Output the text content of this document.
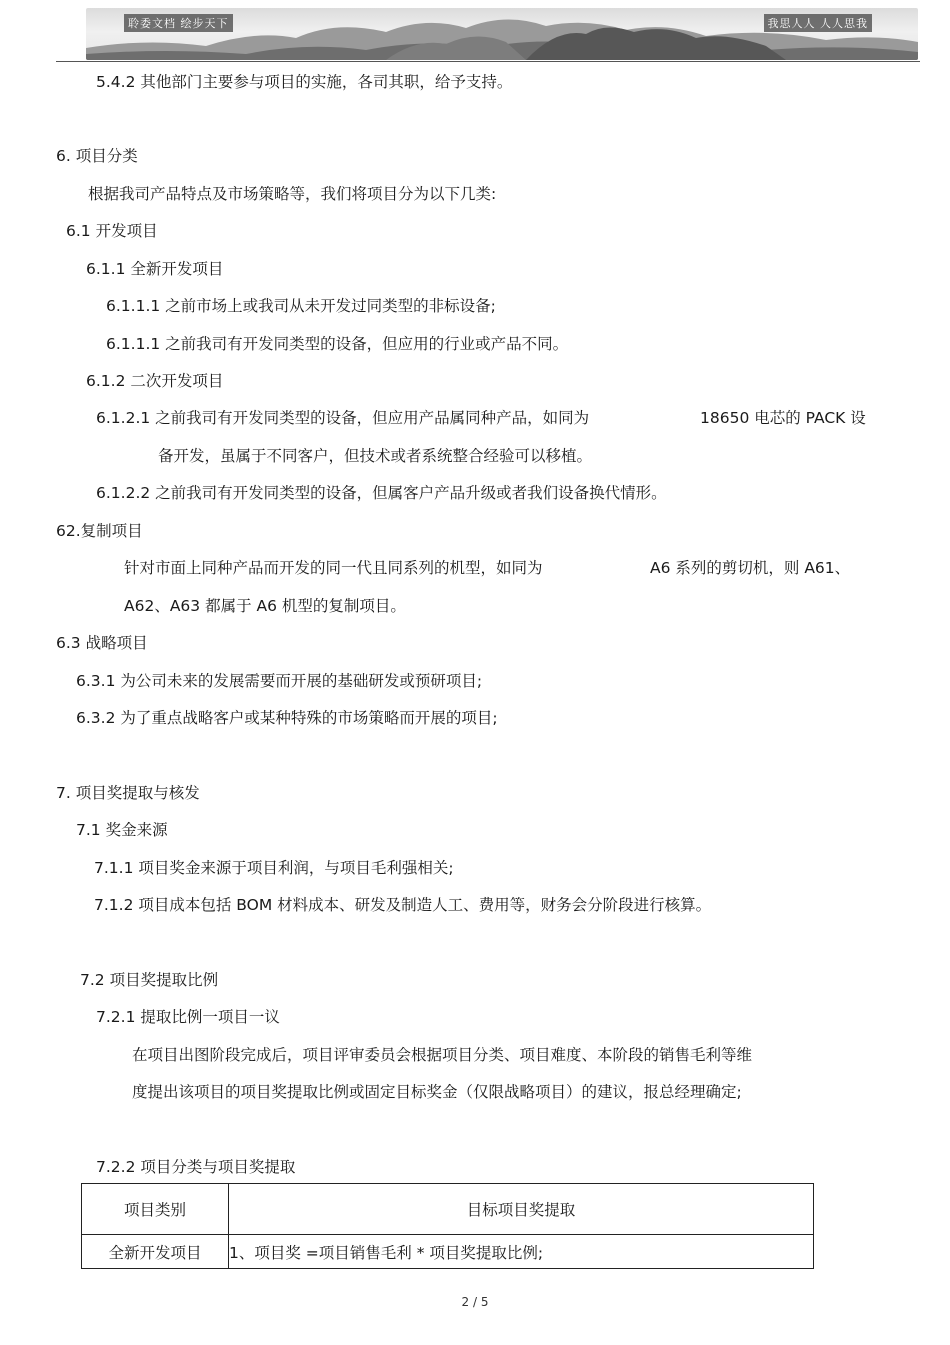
聆委文档 绘步天下	我思人人 人人思我
5.4.2 其他部门主要参与项目的实施，各司其职，给予支持。
6. 项目分类
根据我司产品特点及市场策略等，我们将项目分为以下几类:
6.1 开发项目
6.1.1 全新开发项目
6.1.1.1 之前市场上或我司从未开发过同类型的非标设备;
6.1.1.1 之前我司有开发同类型的设备，但应用的行业或产品不同。
6.1.2 二次开发项目
6.1.2.1 之前我司有开发同类型的设备，但应用产品属同种产品，如同为	18650 电芯的 PACK 设
备开发，虽属于不同客户，但技术或者系统整合经验可以移植。
6.1.2.2 之前我司有开发同类型的设备，但属客户产品升级或者我们设备换代情形。
62.复制项目
针对市面上同种产品而开发的同一代且同系列的机型，如同为	A6 系列的剪切机，则 A61、
A62、A63 都属于 A6 机型的复制项目。
6.3 战略项目
6.3.1 为公司未来的发展需要而开展的基础研发或预研项目;
6.3.2 为了重点战略客户或某种特殊的市场策略而开展的项目;
7. 项目奖提取与核发
7.1 奖金来源
7.1.1 项目奖金来源于项目利润，与项目毛利强相关;
7.1.2 项目成本包括 BOM 材料成本、研发及制造人工、费用等，财务会分阶段进行核算。
7.2 项目奖提取比例
7.2.1 提取比例一项目一议
在项目出图阶段完成后，项目评审委员会根据项目分类、项目难度、本阶段的销售毛利等维
度提出该项目的项目奖提取比例或固定目标奖金（仅限战略项目）的建议，报总经理确定;
7.2.2 项目分类与项目奖提取
项目类别	目标项目奖提取
全新开发项目	1、项目奖 =项目销售毛利 * 项目奖提取比例;
2 / 5
